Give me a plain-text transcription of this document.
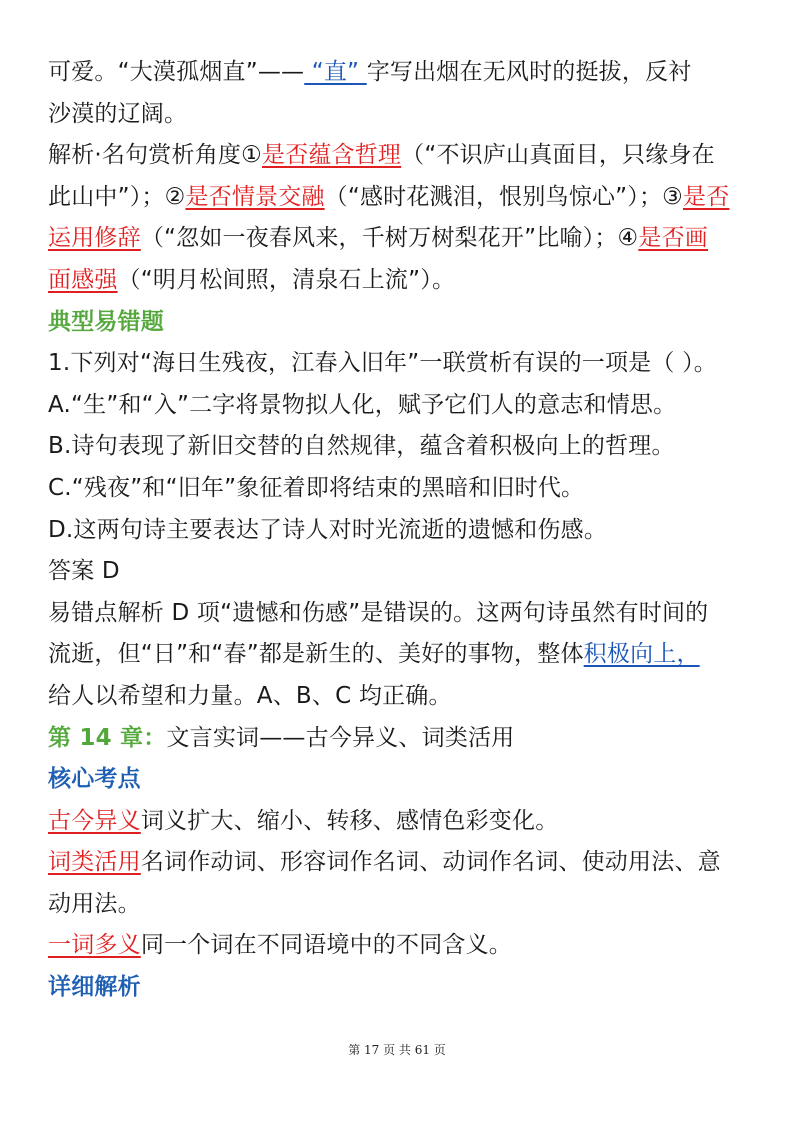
可爱。“大漠孤烟直”—— “直” 字写出烟在无风时的挺拔，反衬
沙漠的辽阔。
解析·名句赏析角度①是否蕴含哲理（“不识庐山真面目，只缘身在
此山中”）；②是否情景交融（“感时花溅泪，恨别鸟惊心”）；③是否
运用修辞（“忽如一夜春风来，千树万树梨花开”比喻）；④是否画
面感强（“明月松间照，清泉石上流”）。
典型易错题
1.下列对“海日生残夜，江春入旧年”一联赏析有误的一项是（ ）。
A.“生”和“入”二字将景物拟人化，赋予它们人的意志和情思。
B.诗句表现了新旧交替的自然规律，蕴含着积极向上的哲理。
C.“残夜”和“旧年”象征着即将结束的黑暗和旧时代。
D.这两句诗主要表达了诗人对时光流逝的遗憾和伤感。
答案 D
易错点解析 D 项“遗憾和伤感”是错误的。这两句诗虽然有时间的
流逝，但“日”和“春”都是新生的、美好的事物，整体积极向上，
给人以希望和力量。A、B、C 均正确。
第 14 章：文言实词——古今异义、词类活用
核心考点
古今异义词义扩大、缩小、转移、感情色彩变化。
词类活用名词作动词、形容词作名词、动词作名词、使动用法、意
动用法。
一词多义同一个词在不同语境中的不同含义。
详细解析
第 17 页 共 61 页
